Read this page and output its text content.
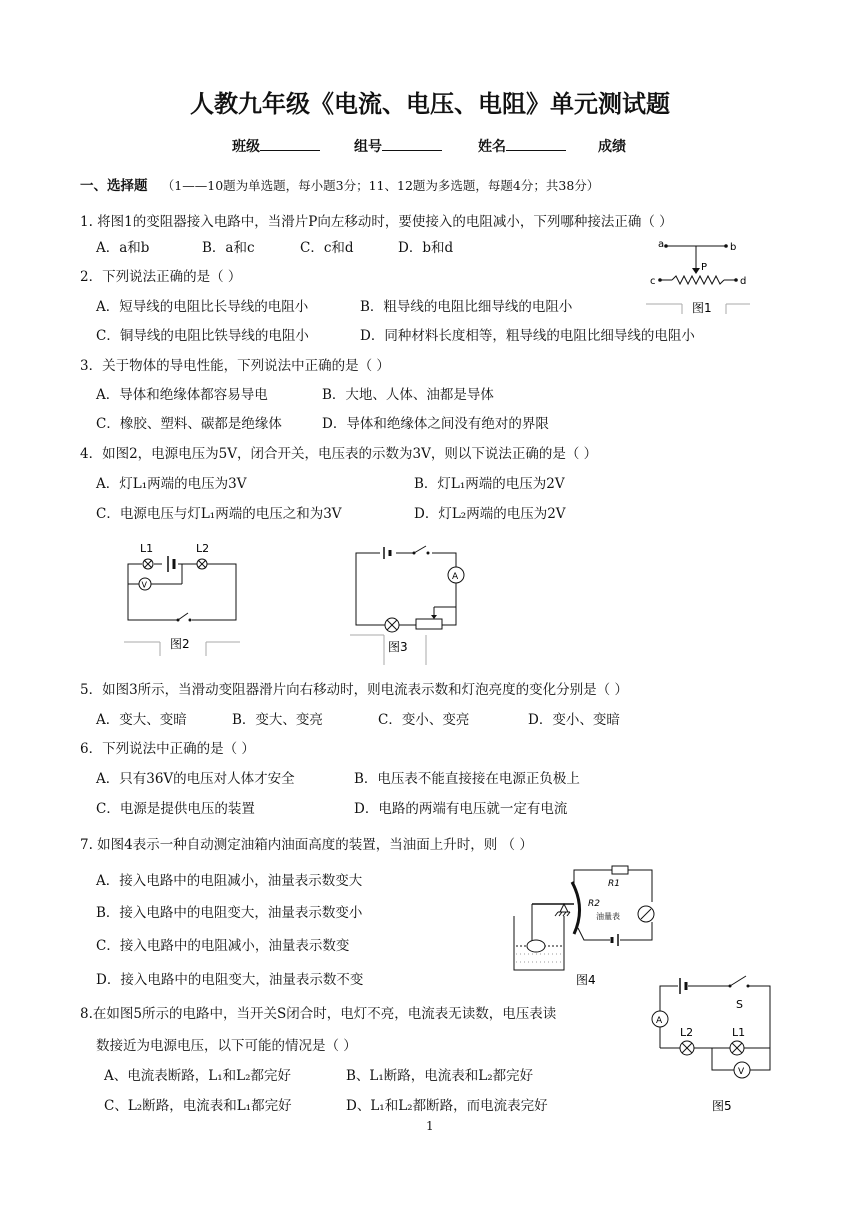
人教九年级《电流、电压、电阻》单元测试题
班级	组号	姓名	成绩
一、选择题 （1——10题为单选题，每小题3分；11、12题为多选题，每题4分；共38分）
1. 将图1的变阻器接入电路中，当滑片P向左移动时，要使接入的电阻减小，下列哪种接法正确（ ）
A．a和b	B．a和c	C．c和d	D．b和d
2．下列说法正确的是（ ）
A．短导线的电阻比长导线的电阻小	B．粗导线的电阻比细导线的电阻小
C．铜导线的电阻比铁导线的电阻小	D．同种材料长度相等，粗导线的电阻比细导线的电阻小
3．关于物体的导电性能，下列说法中正确的是（ ）
A．导体和绝缘体都容易导电	B．大地、人体、油都是导体
C．橡胶、塑料、碳都是绝缘体	D．导体和绝缘体之间没有绝对的界限
4．如图2，电源电压为5V，闭合开关，电压表的示数为3V，则以下说法正确的是（ ）
A．灯L₁两端的电压为3V	B．灯L₁两端的电压为2V
C．电源电压与灯L₁两端的电压之和为3V	D．灯L₂两端的电压为2V
a	b
c	d
P
图1
L1	L2
V
图2
A
图3
5．如图3所示，当滑动变阻器滑片向右移动时，则电流表示数和灯泡亮度的变化分别是（ ）
A．变大、变暗	B．变大、变亮	C．变小、变亮	D．变小、变暗
6．下列说法中正确的是（ ）
A．只有36V的电压对人体才安全	B．电压表不能直接接在电源正负极上
C．电源是提供电压的装置	D．电路的两端有电压就一定有电流
7. 如图4表示一种自动测定油箱内油面高度的装置，当油面上升时，则 （ ）
A．接入电路中的电阻减小，油量表示数变大
B．接入电路中的电阻变大，油量表示数变小
C．接入电路中的电阻减小，油量表示数变
D．接入电路中的电阻变大，油量表示数不变
R1
R2
油量表
图4
8.在如图5所示的电路中，当开关S闭合时，电灯不亮，电流表无读数，电压表读
数接近为电源电压，以下可能的情况是（ ）
A、电流表断路，L₁和L₂都完好	B、L₁断路，电流表和L₂都完好
C、L₂断路，电流表和L₁都完好	D、L₁和L₂都断路，而电流表完好
S
A
L2	L1
V
图5
1
